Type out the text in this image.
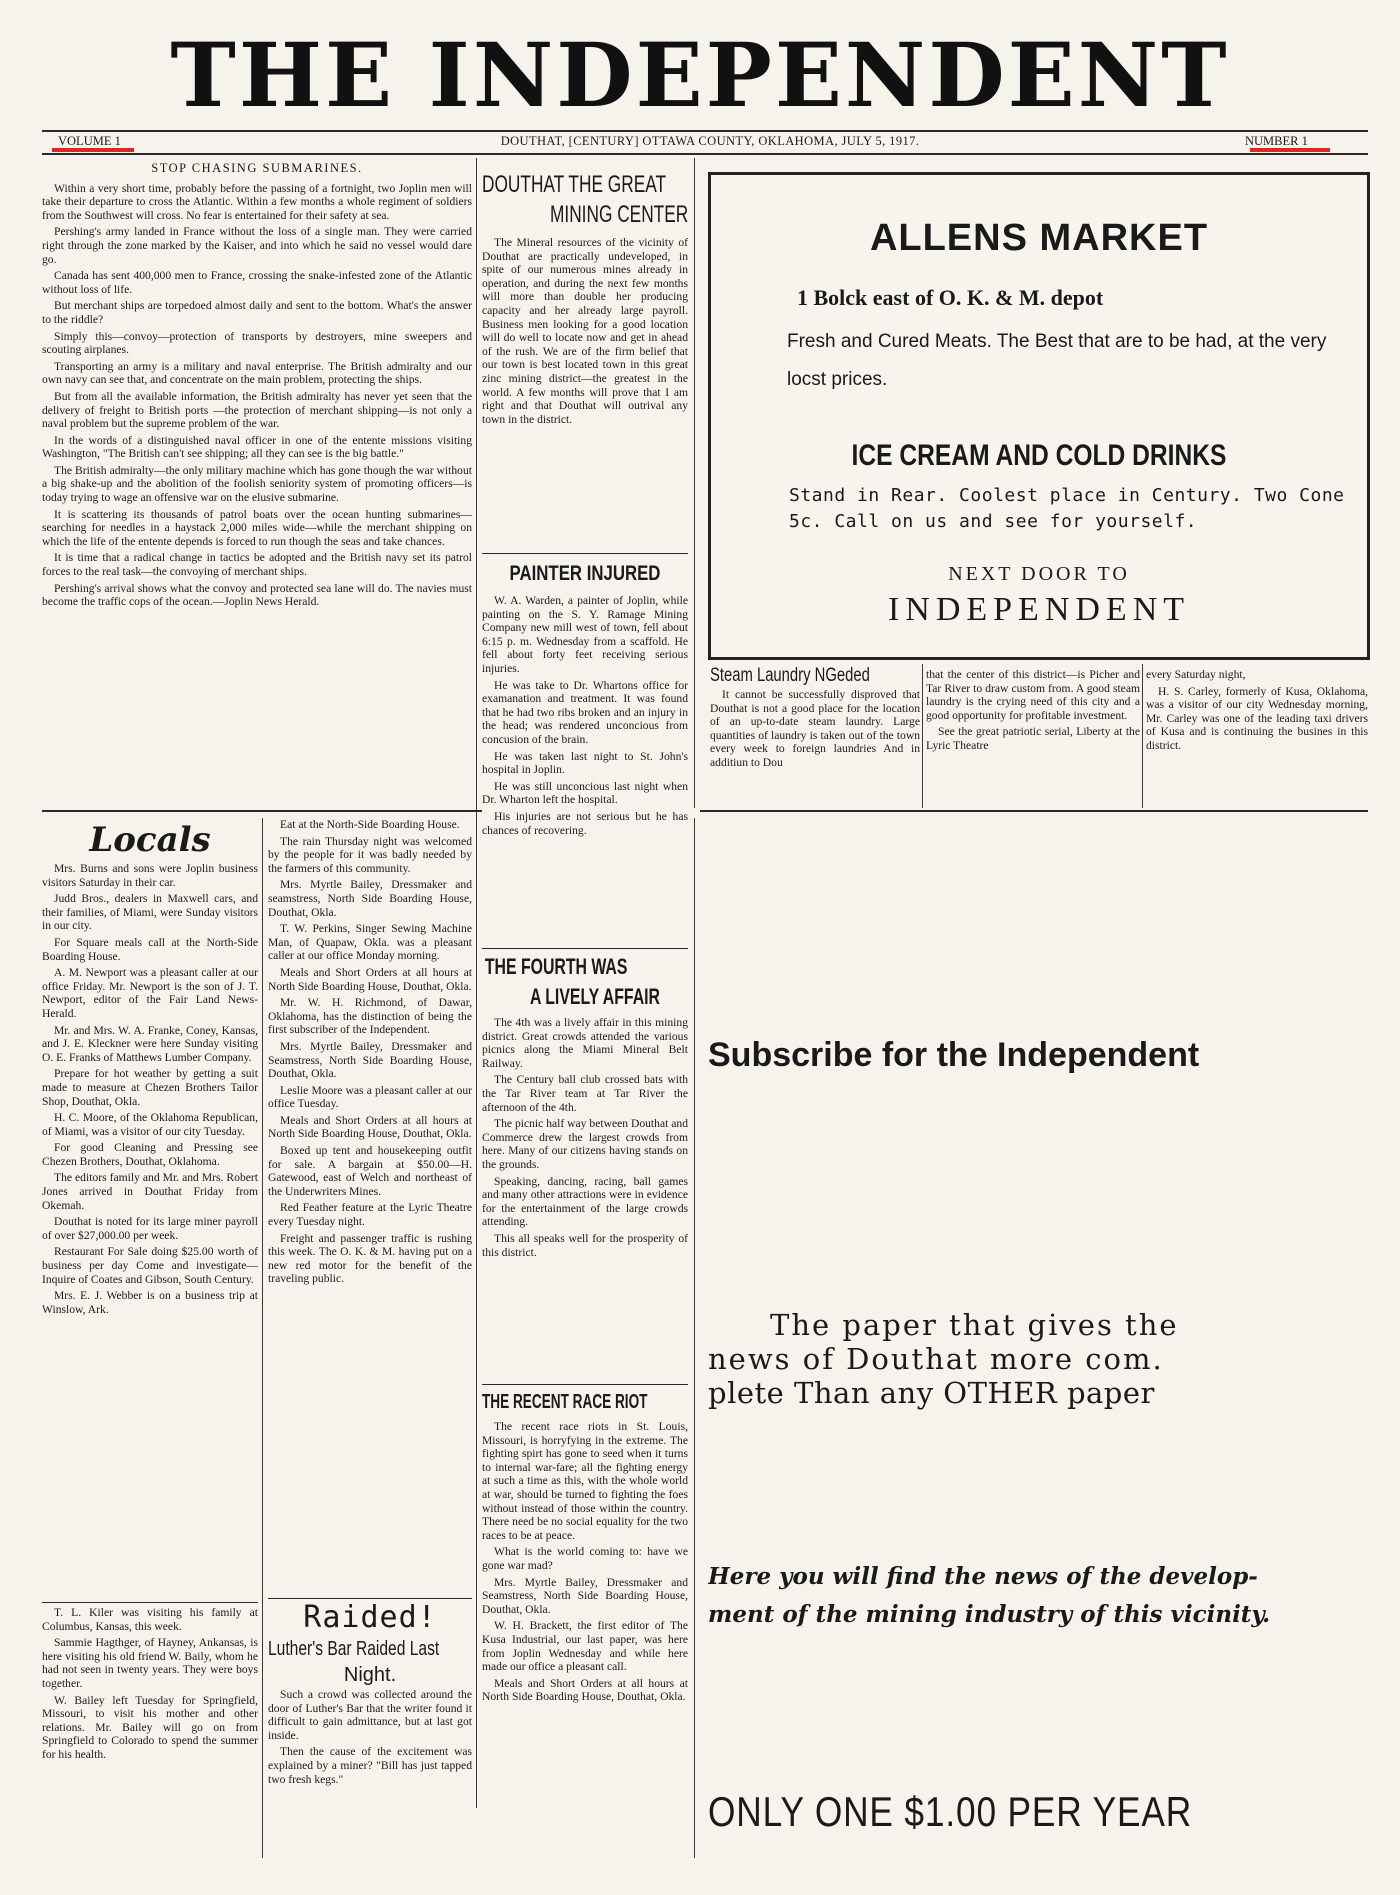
THE INDEPENDENT
VOLUME 1	DOUTHAT, [CENTURY] OTTAWA COUNTY, OKLAHOMA, JULY 5, 1917.	NUMBER 1
STOP CHASING SUBMARINES.

Within a very short time, probably before the passing of a fortnight, two Joplin men will take their departure to cross the Atlantic. Within a few months a whole regiment of soldiers from the Southwest will cross. No fear is entertained for their safety at sea.

Pershing's army landed in France without the loss of a single man. They were carried right through the zone marked by the Kaiser, and into which he said no vessel would dare go.

Canada has sent 400,000 men to France, crossing the snake-infested zone of the Atlantic without loss of life.

But merchant ships are torpedoed almost daily and sent to the bottom. What's the answer to the riddle?

Simply this—convoy—protection of transports by destroyers, mine sweepers and scouting airplanes.

Transporting an army is a military and naval enterprise. The British admiralty and our own navy can see that, and concentrate on the main problem, protecting the ships.

But from all the available information, the British admiralty has never yet seen that the delivery of freight to British ports —the protection of merchant shipping—is not only a naval problem but the supreme problem of the war.

In the words of a distinguished naval officer in one of the entente missions visiting Washington, "The British can't see shipping; all they can see is the big battle."

The British admiralty—the only military machine which has gone though the war without a big shake-up and the abolition of the foolish seniority system of promoting officers—is today trying to wage an offensive war on the elusive submarine.

It is scattering its thousands of patrol boats over the ocean hunting submarines—searching for needles in a haystack 2,000 miles wide—while the merchant shipping on which the life of the entente depends is forced to run though the seas and take chances.

It is time that a radical change in tactics be adopted and the British navy set its patrol forces to the real task—the convoying of merchant ships.

Pershing's arrival shows what the convoy and protected sea lane will do. The navies must become the traffic cops of the ocean.—Joplin News Herald.

DOUTHAT THE GREAT
MINING CENTER

The Mineral resources of the vicinity of Douthat are practically undeveloped, in spite of our numerous mines already in operation, and during the next few months will more than double her producing capacity and her already large payroll. Business men looking for a good location will do well to locate now and get in ahead of the rush. We are of the firm belief that our town is best located town in this great zinc mining district—the greatest in the world. A few months will prove that I am right and that Douthat will outrival any town in the district.

PAINTER INJURED

W. A. Warden, a painter of Joplin, while painting on the S. Y. Ramage Mining Company new mill west of town, fell about 6:15 p. m. Wednesday from a scaffold. He fell about forty feet receiving serious injuries.

He was take to Dr. Whartons office for examanation and treatment. It was found that he had two ribs broken and an injury in the head; was rendered unconcious from concusion of the brain.

He was taken last night to St. John's hospital in Joplin.

He was still unconcious last night when Dr. Wharton left the hospital.

His injuries are not serious but he has chances of recovering.

ALLENS MARKET
1 Bolck east of O. K. & M. depot
Fresh and Cured Meats. The Best that are to be had, at the very locst prices.
ICE CREAM AND COLD DRINKS
Stand in Rear. Coolest place in Century. Two Cone 5c. Call on us and see for yourself.
NEXT DOOR TO
INDEPENDENT
Steam Laundry NGeded

It cannot be successfully disproved that Douthat is not a good place for the location of an up-to-date steam laundry. Large quantities of laundry is taken out of the town every week to foreign laundries And in additiun to Dou

that the center of this district—is Picher and Tar River to draw custom from. A good steam laundry is the crying need of this city and a good opportunity for profitable investment.

See the great patriotic serial, Liberty at the Lyric Theatre

every Saturday night,

H. S. Carley, formerly of Kusa, Oklahoma, was a visitor of our city Wednesday morning, Mr. Carley was one of the leading taxi drivers of Kusa and is continuing the busines in this district.

Locals

Mrs. Burns and sons were Joplin business visitors Saturday in their car.

Judd Bros., dealers in Maxwell cars, and their families, of Miami, were Sunday visitors in our city.

For Square meals call at the North-Side Boarding House.

A. M. Newport was a pleasant caller at our office Friday. Mr. Newport is the son of J. T. Newport, editor of the Fair Land News-Herald.

Mr. and Mrs. W. A. Franke, Coney, Kansas, and J. E. Kleckner were here Sunday visiting O. E. Franks of Matthews Lumber Company.

Prepare for hot weather by getting a suit made to measure at Chezen Brothers Tailor Shop, Douthat, Okla.

H. C. Moore, of the Oklahoma Republican, of Miami, was a visitor of our city Tuesday.

For good Cleaning and Pressing see Chezen Brothers, Douthat, Oklahoma.

The editors family and Mr. and Mrs. Robert Jones arrived in Douthat Friday from Okemah.

Douthat is noted for its large miner payroll of over $27,000.00 per week.

Restaurant For Sale doing $25.00 worth of business per day Come and investigate—Inquire of Coates and Gibson, South Century.

Mrs. E. J. Webber is on a business trip at Winslow, Ark.

T. L. Kiler was visiting his family at Columbus, Kansas, this week.

Sammie Hagthger, of Hayney, Ankansas, is here visiting his old friend W. Baily, whom he had not seen in twenty years. They were boys together.

W. Bailey left Tuesday for Springfield, Missouri, to visit his mother and other relations. Mr. Bailey will go on from Springfield to Colorado to spend the summer for his health.

Eat at the North-Side Boarding House.

The rain Thursday night was welcomed by the people for it was badly needed by the farmers of this community.

Mrs. Myrtle Bailey, Dressmaker and seamstress, North Side Boarding House, Douthat, Okla.

T. W. Perkins, Singer Sewing Machine Man, of Quapaw, Okla. was a pleasant caller at our office Monday morning.

Meals and Short Orders at all hours at North Side Boarding House, Douthat, Okla.

Mr. W. H. Richmond, of Dawar, Oklahoma, has the distinction of being the first subscriber of the Independent.

Mrs. Myrtle Bailey, Dressmaker and Seamstress, North Side Boarding House, Douthat, Okla.

Leslie Moore was a pleasant caller at our office Tuesday.

Meals and Short Orders at all hours at North Side Boarding House, Douthat, Okla.

Boxed up tent and housekeeping outfit for sale. A bargain at $50.00—H. Gatewood, east of Welch and northeast of the Underwriters Mines.

Red Feather feature at the Lyric Theatre every Tuesday night.

Freight and passenger traffic is rushing this week. The O. K. & M. having put on a new red motor for the benefit of the traveling public.

Raided!
Luther's Bar Raided Last
Night.

Such a crowd was collected around the door of Luther's Bar that the writer found it difficult to gain admittance, but at last got inside.

Then the cause of the excitement was explained by a miner? "Bill has just tapped two fresh kegs."

THE FOURTH WAS
A LIVELY AFFAIR

The 4th was a lively affair in this mining district. Great crowds attended the various picnics along the Miami Mineral Belt Railway.

The Century ball club crossed bats with the Tar River team at Tar River the afternoon of the 4th.

The picnic half way between Douthat and Commerce drew the largest crowds from here. Many of our citizens having stands on the grounds.

Speaking, dancing, racing, ball games and many other attractions were in evidence for the entertainment of the large crowds attending.

This all speaks well for the prosperity of this district.

THE RECENT RACE RIOT

The recent race riots in St. Louis, Missouri, is horryfying in the extreme. The fighting spirt has gone to seed when it turns to internal war-fare; all the fighting energy at such a time as this, with the whole world at war, should be turned to fighting the foes without instead of those within the country. There need be no social equality for the two races to be at peace.

What is the world coming to: have we gone war mad?

Mrs. Myrtle Bailey, Dressmaker and Seamstress, North Side Boarding House, Douthat, Okla.

W. H. Brackett, the first editor of The Kusa Industrial, our last paper, was here from Joplin Wednesday and while here made our office a pleasant call.

Meals and Short Orders at all hours at North Side Boarding House, Douthat, Okla.

Subscribe for the Independent
The paper that gives the
news of Douthat more com.
plete Than any OTHER paper
Here you will find the news of the develop-
ment of the mining industry of this vicinity.
ONLY ONE $1.00 PER YEAR
